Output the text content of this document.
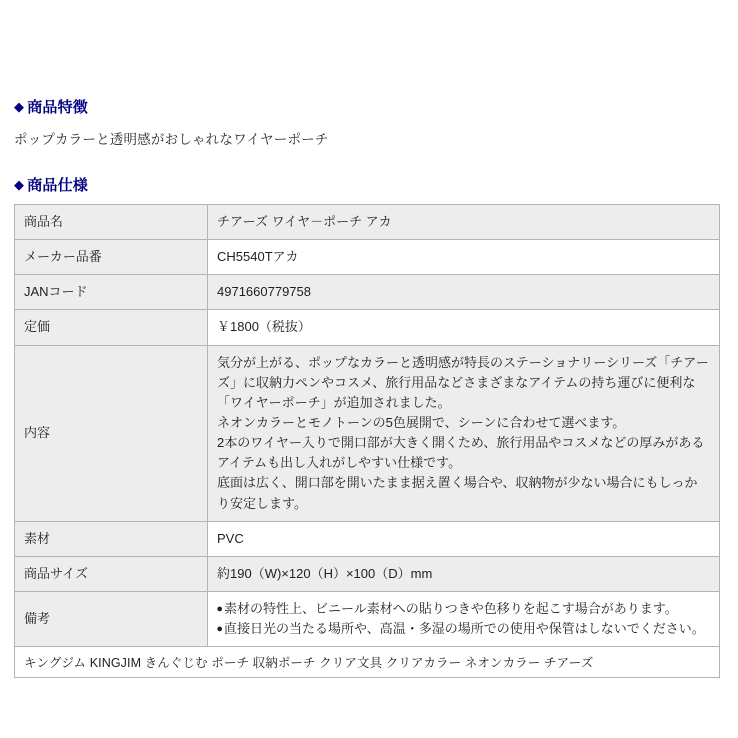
◆ 商品特徴
ポップカラーと透明感がおしゃれなワイヤーポーチ
◆ 商品仕様
商品名	チアーズ ワイヤ－ポーチ アカ
メーカー品番	CH5540Tアカ
JANコード	4971660779758
定価	￥1800（税抜）
内容	気分が上がる、ポップなカラーと透明感が特長のステーショナリーシリーズ「チアーズ」に収納力ペンやコスメ、旅行用品などさまざまなアイテムの持ち運びに便利な「ワイヤーポーチ」が追加されました。
ネオンカラーとモノトーンの5色展開で、シーンに合わせて選べます。
2本のワイヤー入りで開口部が大きく開くため、旅行用品やコスメなどの厚みがあるアイテムも出し入れがしやすい仕様です。
底面は広く、開口部を開いたまま据え置く場合や、収納物が少ない場合にもしっかり安定します。

素材	PVC
商品サイズ	約190（W)×120（H）×100（D）mm
備考	●素材の特性上、ビニール素材への貼りつきや色移りを起こす場合があります。
●直接日光の当たる場所や、高温・多湿の場所での使用や保管はしないでください。
キングジム KINGJIM きんぐじむ ポーチ 収納ポーチ クリア文具 クリアカラー ネオンカラー チアーズ
